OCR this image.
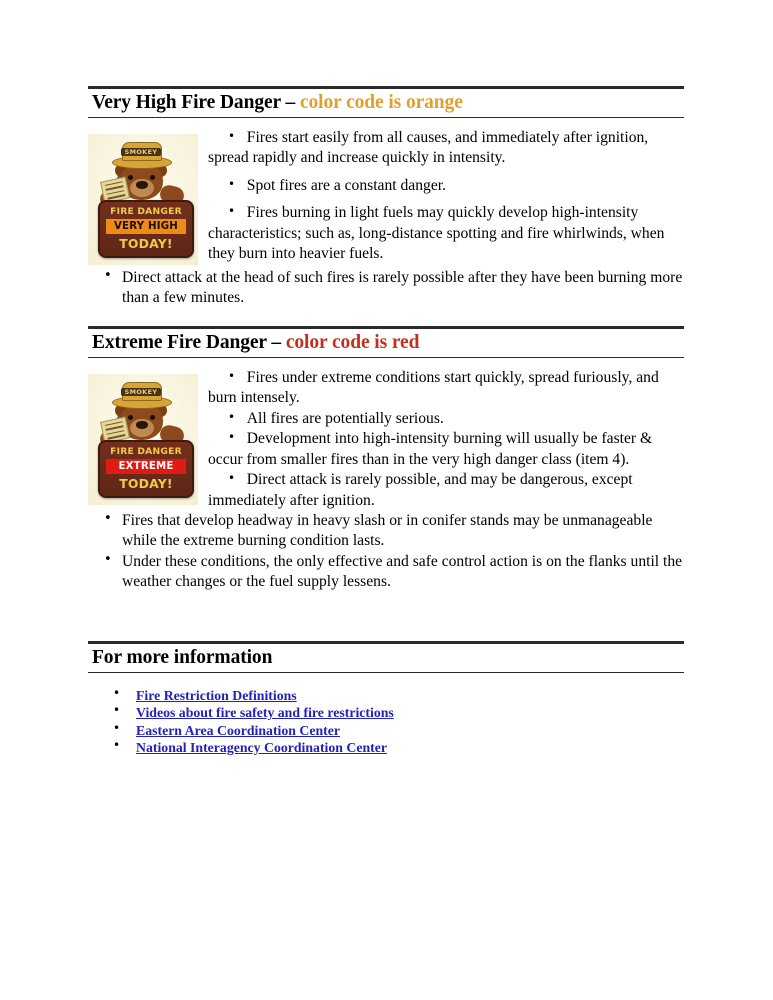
Very High Fire Danger – color code is orange
SMOKEY
FIRE DANGER
VERY HIGH
TODAY!

• Fires start easily from all causes, and immediately after ignition, spread rapidly and increase quickly in intensity.

• Spot fires are a constant danger.

• Fires burning in light fuels may quickly develop high-intensity characteristics; such as, long-distance spotting and fire whirlwinds, when they burn into heavier fuels.

• Direct attack at the head of such fires is rarely possible after they have been burning more than a few minutes.
Extreme Fire Danger – color code is red
SMOKEY
FIRE DANGER
EXTREME
TODAY!

• Fires under extreme conditions start quickly, spread furiously, and burn intensely.

• All fires are potentially serious.

• Development into high-intensity burning will usually be faster & occur from smaller fires than in the very high danger class (item 4).

• Direct attack is rarely possible, and may be dangerous, except immediately after ignition.

• Fires that develop headway in heavy slash or in conifer stands may be unmanageable while the extreme burning condition lasts.
• Under these conditions, the only effective and safe control action is on the flanks until the weather changes or the fuel supply lessens.
For more information
• Fire Restriction Definitions
• Videos about fire safety and fire restrictions
• Eastern Area Coordination Center
• National Interagency Coordination Center
